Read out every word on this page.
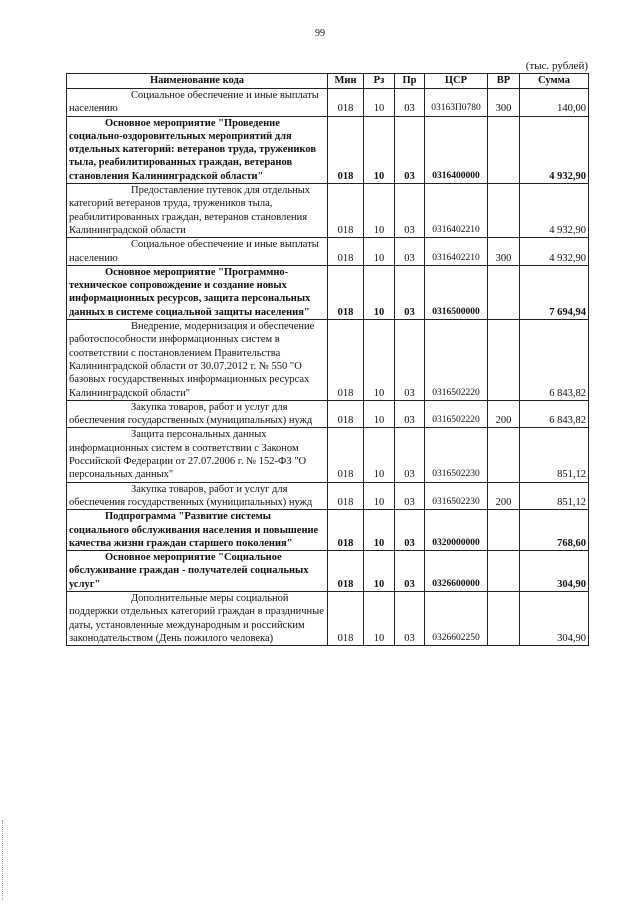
99
(тыс. рублей)
Наименование кода	Мин	Рз	Пр	ЦСР	ВР	Сумма
Социальное обеспечение и иные выплаты населению	018	10	03	03163П0780	300	140,00
Основное мероприятие "Проведение социально-оздоровительных мероприятий для отдельных категорий: ветеранов труда, тружеников тыла, реабилитированных граждан, ветеранов становления Калининградской области"	018	10	03	0316400000		4 932,90
Предоставление путевок для отдельных категорий ветеранов труда, тружеников тыла, реабилитированных граждан, ветеранов становления Калининградской области	018	10	03	0316402210		4 932,90
Социальное обеспечение и иные выплаты населению	018	10	03	0316402210	300	4 932,90
Основное мероприятие "Программно- техническое сопровождение и создание новых информационных ресурсов, защита персональных данных в системе социальной защиты населения"	018	10	03	0316500000		7 694,94
Внедрение, модернизация и обеспечение работоспособности информационных систем в соответствии с постановлением Правительства Калининградской области от 30.07.2012 г. № 550 "О базовых государственных информационных ресурсах Калининградской области"	018	10	03	0316502220		6 843,82
Закупка товаров, работ и услуг для обеспечения государственных (муниципальных) нужд	018	10	03	0316502220	200	6 843,82
Защита персональных данных информационных систем в соответствии с Законом Российской Федерации от 27.07.2006 г. № 152-ФЗ "О персональных данных"	018	10	03	0316502230		851,12
Закупка товаров, работ и услуг для обеспечения государственных (муниципальных) нужд	018	10	03	0316502230	200	851,12
Подпрограмма "Развитие системы социального обслуживания населения и повышение качества жизни граждан старшего поколения"	018	10	03	0320000000		768,60
Основное мероприятие "Социальное обслуживание граждан - получателей социальных услуг"	018	10	03	0326600000		304,90
Дополнительные меры социальной поддержки отдельных категорий граждан в праздничные даты, установленные международным и российским законодательством (День пожилого человека)	018	10	03	0326602250		304,90
